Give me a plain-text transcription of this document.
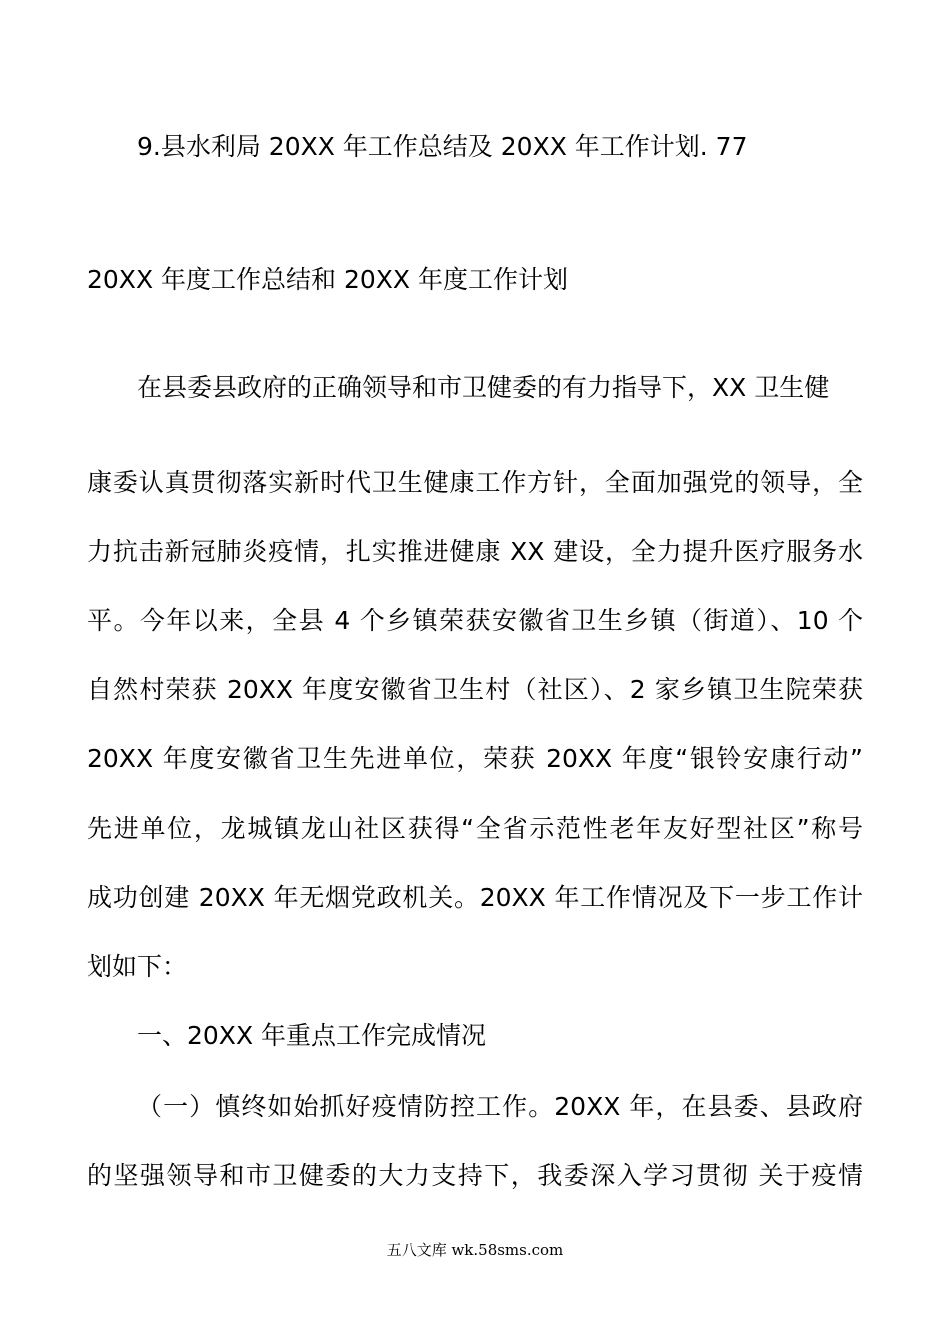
9.县水利局 20XX 年工作总结及 20XX 年工作计划. 77
20XX 年度工作总结和 20XX 年度工作计划
在县委县政府的正确领导和市卫健委的有力指导下，XX 卫生健
康委认真贯彻落实新时代卫生健康工作方针，全面加强党的领导，全
力抗击新冠肺炎疫情，扎实推进健康 XX 建设，全力提升医疗服务水
平。今年以来，全县 4 个乡镇荣获安徽省卫生乡镇（街道）、10 个
自然村荣获 20XX 年度安徽省卫生村（社区）、2 家乡镇卫生院荣获
20XX 年度安徽省卫生先进单位，荣获 20XX 年度“银铃安康行动”
先进单位，龙城镇龙山社区获得“全省示范性老年友好型社区”称号
成功创建 20XX 年无烟党政机关。20XX 年工作情况及下一步工作计
划如下：
一、20XX 年重点工作完成情况
（一）慎终如始抓好疫情防控工作。20XX 年，在县委、县政府
的坚强领导和市卫健委的大力支持下，我委深入学习贯彻 关于疫情
五八文库 wk.58sms.com
